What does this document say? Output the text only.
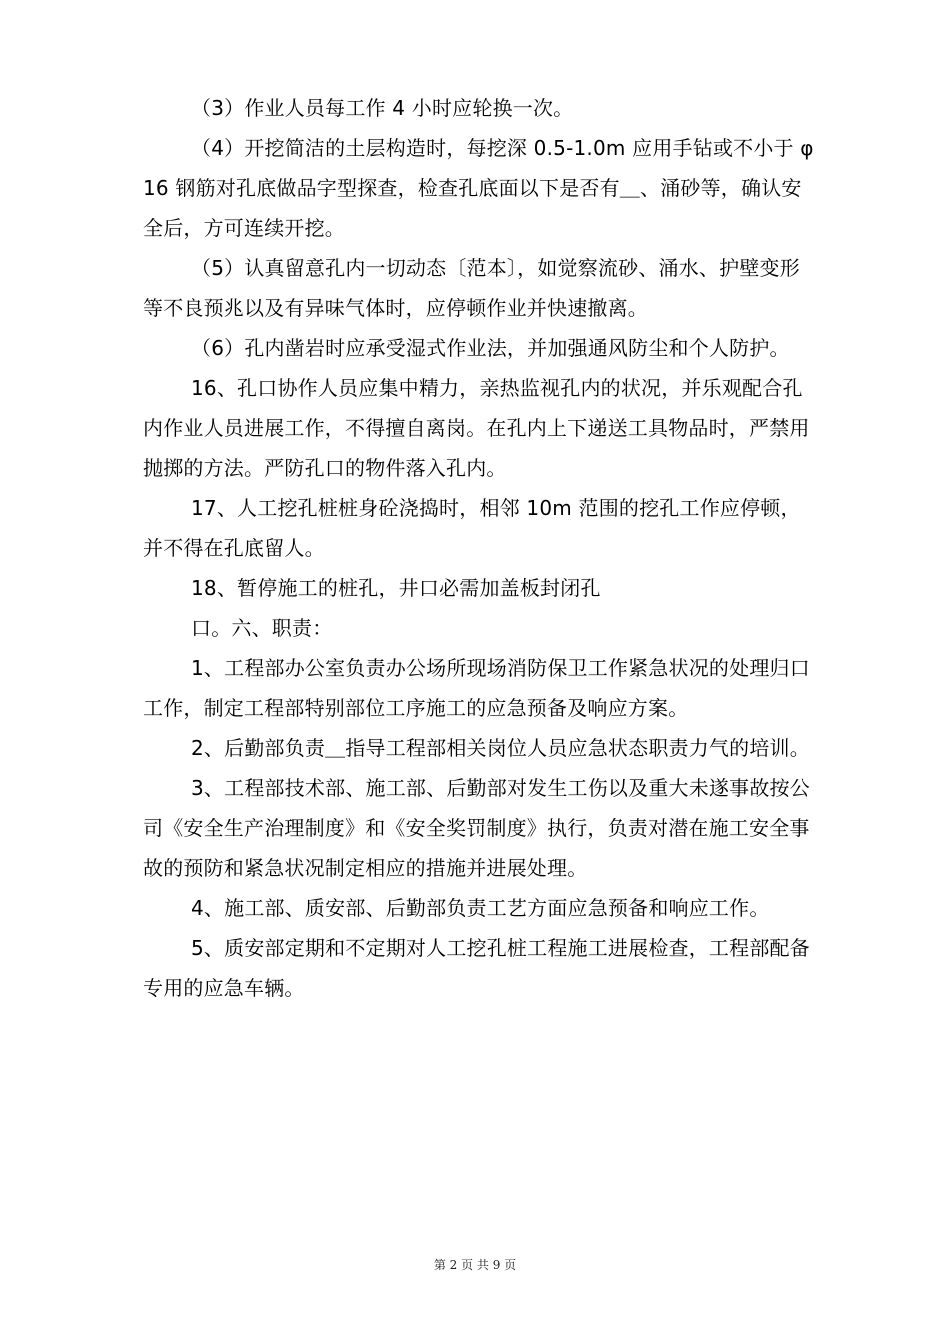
（3）作业人员每工作 4 小时应轮换一次。

（4）开挖简洁的土层构造时，每挖深 0.5-1.0m 应用手钻或不小于 φ16 钢筋对孔底做品字型探查，检查孔底面以下是否有＿、涌砂等，确认安全后，方可连续开挖。

（5）认真留意孔内一切动态〔范本〕，如觉察流砂、涌水、护壁变形等不良预兆以及有异味气体时，应停顿作业并快速撤离。

（6）孔内凿岩时应承受湿式作业法，并加强通风防尘和个人防护。

16、孔口协作人员应集中精力，亲热监视孔内的状况，并乐观配合孔内作业人员进展工作，不得擅自离岗。在孔内上下递送工具物品时，严禁用抛掷的方法。严防孔口的物件落入孔内。

17、人工挖孔桩桩身砼浇捣时，相邻 10m 范围的挖孔工作应停顿， 并不得在孔底留人。

18、暂停施工的桩孔，井口必需加盖板封闭孔

口。六、职责：

1、工程部办公室负责办公场所现场消防保卫工作紧急状况的处理归口工作，制定工程部特别部位工序施工的应急预备及响应方案。

2、后勤部负责＿指导工程部相关岗位人员应急状态职责力气的培训。

3、工程部技术部、施工部、后勤部对发生工伤以及重大未遂事故按公司《安全生产治理制度》和《安全奖罚制度》执行，负责对潜在施工安全事故的预防和紧急状况制定相应的措施并进展处理。

4、施工部、质安部、后勤部负责工艺方面应急预备和响应工作。

5、质安部定期和不定期对人工挖孔桩工程施工进展检查，工程部配备专用的应急车辆。

第 2 页 共 9 页
